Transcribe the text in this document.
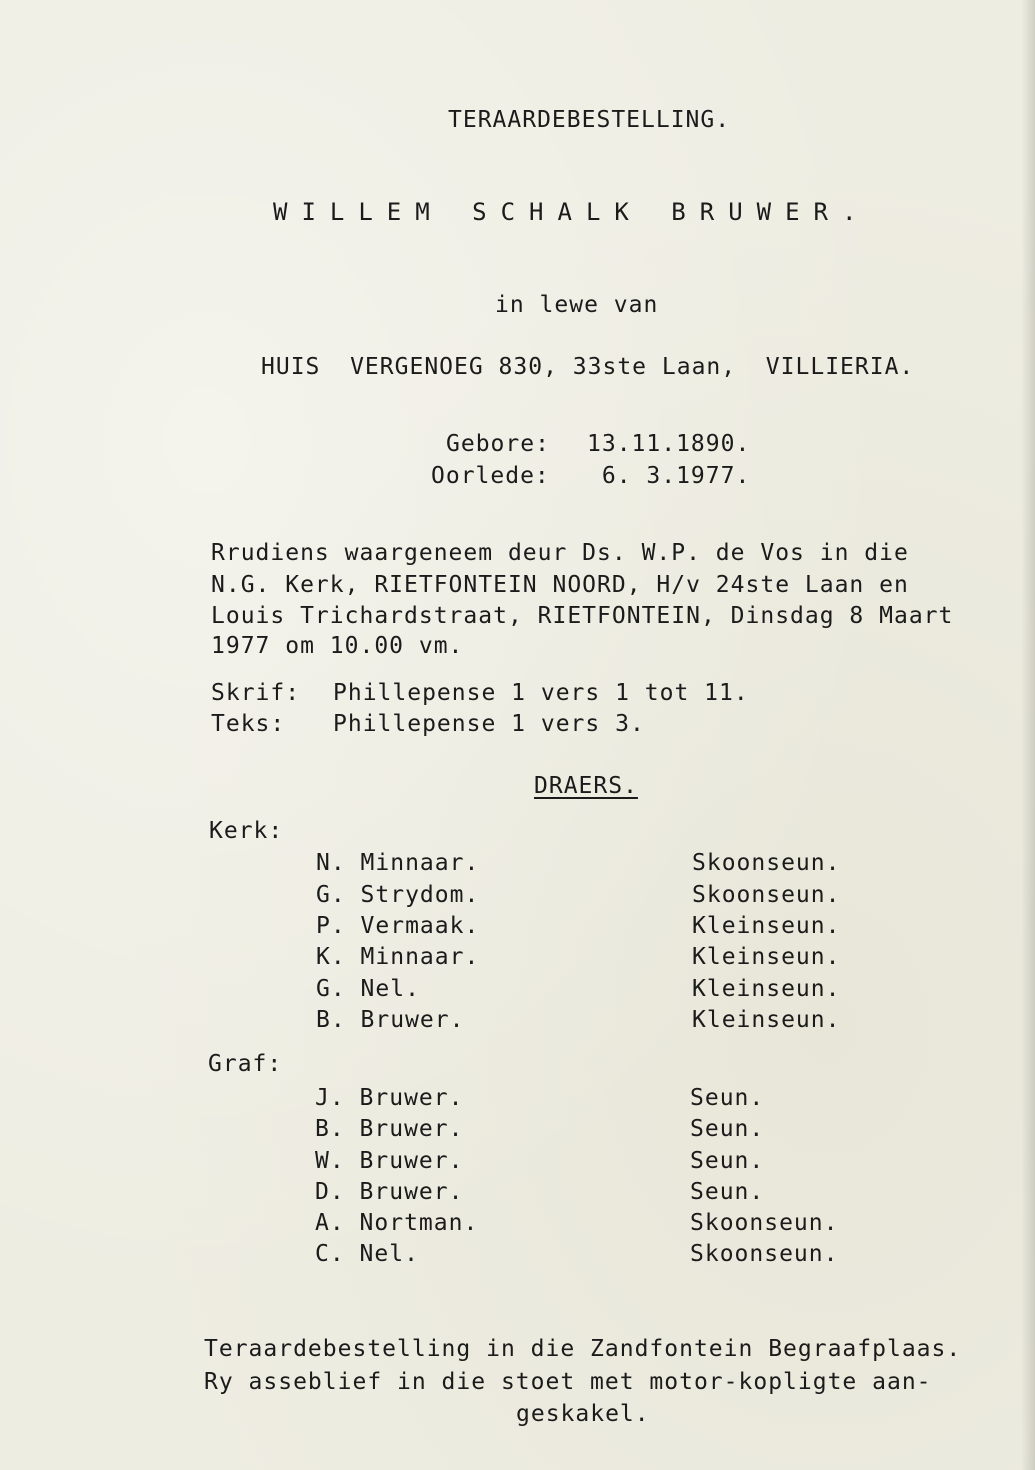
TERAARDEBESTELLING.
WILLEM SCHALK BRUWER.
in lewe van
HUIS  VERGENOEG 830, 33ste Laan,  VILLIERIA.
Gebore: 13.11.1890.
Oorlede: 6. 3.1977.
Rrudiens waargeneem deur Ds. W.P. de Vos in die
N.G. Kerk, RIETFONTEIN NOORD, H/v 24ste Laan en
Louis Trichardstraat, RIETFONTEIN, Dinsdag 8 Maart
1977 om 10.00 vm.
Skrif: Phillepense 1 vers 1 tot 11.
Teks: Phillepense 1 vers 3.
DRAERS.
Kerk:
N. Minnaar.	Skoonseun.
G. Strydom.	Skoonseun.
P. Vermaak.	Kleinseun.
K. Minnaar.	Kleinseun.
G. Nel.	Kleinseun.
B. Bruwer.	Kleinseun.
Graf:
J. Bruwer.	Seun.
B. Bruwer.	Seun.
W. Bruwer.	Seun.
D. Bruwer.	Seun.
A. Nortman.	Skoonseun.
C. Nel.	Skoonseun.
Teraardebestelling in die Zandfontein Begraafplaas.
Ry asseblief in die stoet met motor-kopligte aan-
geskakel.
